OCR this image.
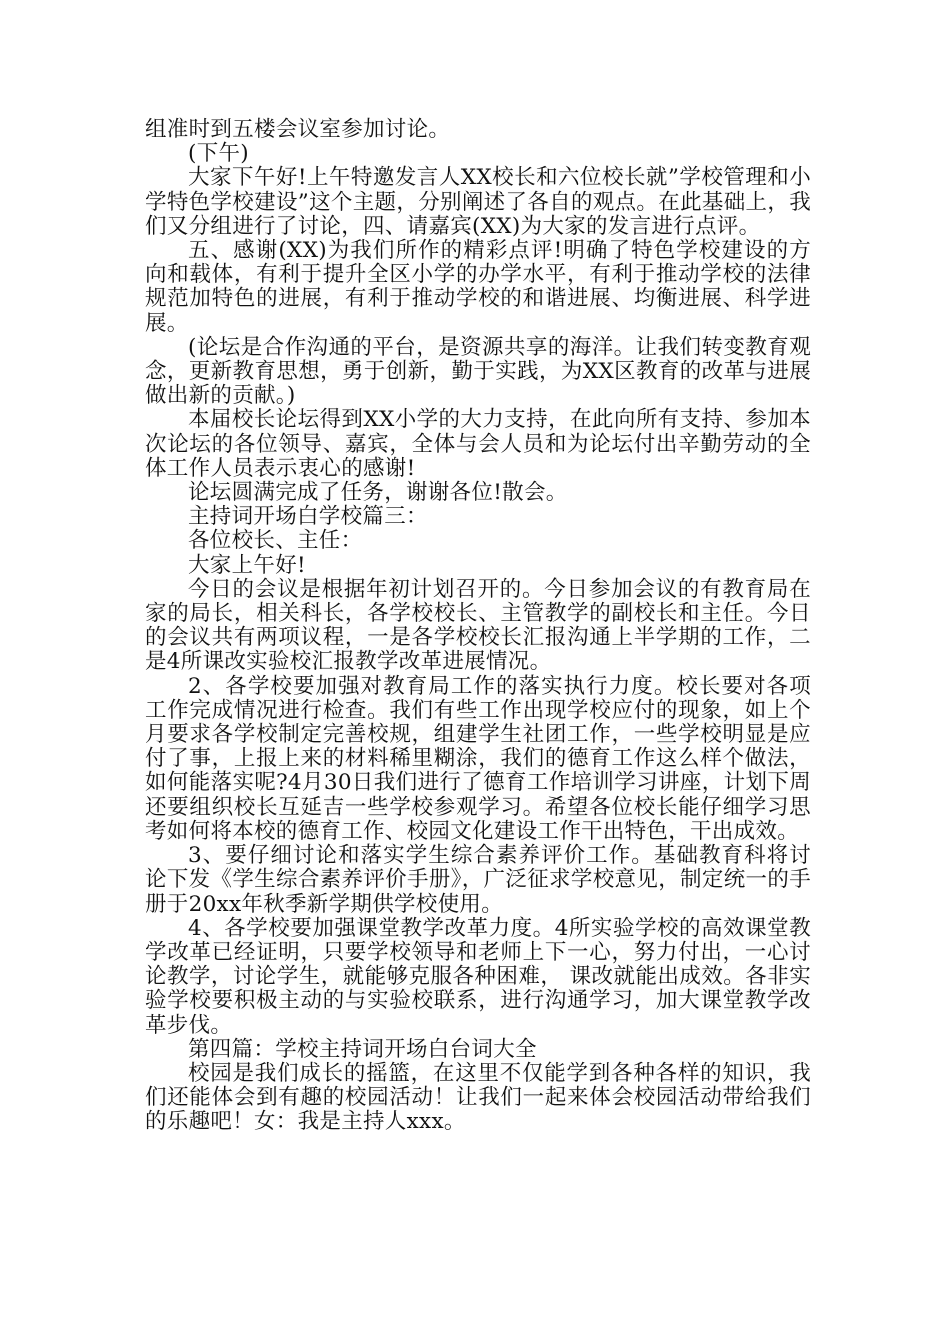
组准时到五楼会议室参加讨论。

(下午)

大家下午好!上午特邀发言人XX校长和六位校长就”学校管理和小学特色学校建设”这个主题，分别阐述了各自的观点。在此基础上，我们又分组进行了讨论，四、请嘉宾(XX)为大家的发言进行点评。

五、感谢(XX)为我们所作的精彩点评!明确了特色学校建设的方向和载体，有利于提升全区小学的办学水平，有利于推动学校的法律规范加特色的进展，有利于推动学校的和谐进展、均衡进展、科学进展。

(论坛是合作沟通的平台，是资源共享的海洋。让我们转变教育观念，更新教育思想，勇于创新，勤于实践，为XX区教育的改革与进展做出新的贡献。)

本届校长论坛得到XX小学的大力支持，在此向所有支持、参加本次论坛的各位领导、嘉宾，全体与会人员和为论坛付出辛勤劳动的全体工作人员表示衷心的感谢!

论坛圆满完成了任务，谢谢各位!散会。

主持词开场白学校篇三：

各位校长、主任：

大家上午好!

今日的会议是根据年初计划召开的。今日参加会议的有教育局在家的局长，相关科长，各学校校长、主管教学的副校长和主任。今日的会议共有两项议程，一是各学校校长汇报沟通上半学期的工作，二是4所课改实验校汇报教学改革进展情况。

2、各学校要加强对教育局工作的落实执行力度。校长要对各项工作完成情况进行检查。我们有些工作出现学校应付的现象，如上个月要求各学校制定完善校规，组建学生社团工作，一些学校明显是应付了事，上报上来的材料稀里糊涂，我们的德育工作这么样个做法，如何能落实呢?4月30日我们进行了德育工作培训学习讲座，计划下周还要组织校长互延吉一些学校参观学习。希望各位校长能仔细学习思考如何将本校的德育工作、校园文化建设工作干出特色，干出成效。

3、要仔细讨论和落实学生综合素养评价工作。基础教育科将讨论下发《学生综合素养评价手册》，广泛征求学校意见，制定统一的手册于20xx年秋季新学期供学校使用。

4、各学校要加强课堂教学改革力度。4所实验学校的高效课堂教学改革已经证明，只要学校领导和老师上下一心，努力付出，一心讨论教学，讨论学生，就能够克服各种困难， 课改就能出成效。各非实验学校要积极主动的与实验校联系，进行沟通学习，加大课堂教学改革步伐。

第四篇：学校主持词开场白台词大全

校园是我们成长的摇篮，在这里不仅能学到各种各样的知识，我们还能体会到有趣的校园活动！让我们一起来体会校园活动带给我们的乐趣吧！女：我是主持人xxx。
